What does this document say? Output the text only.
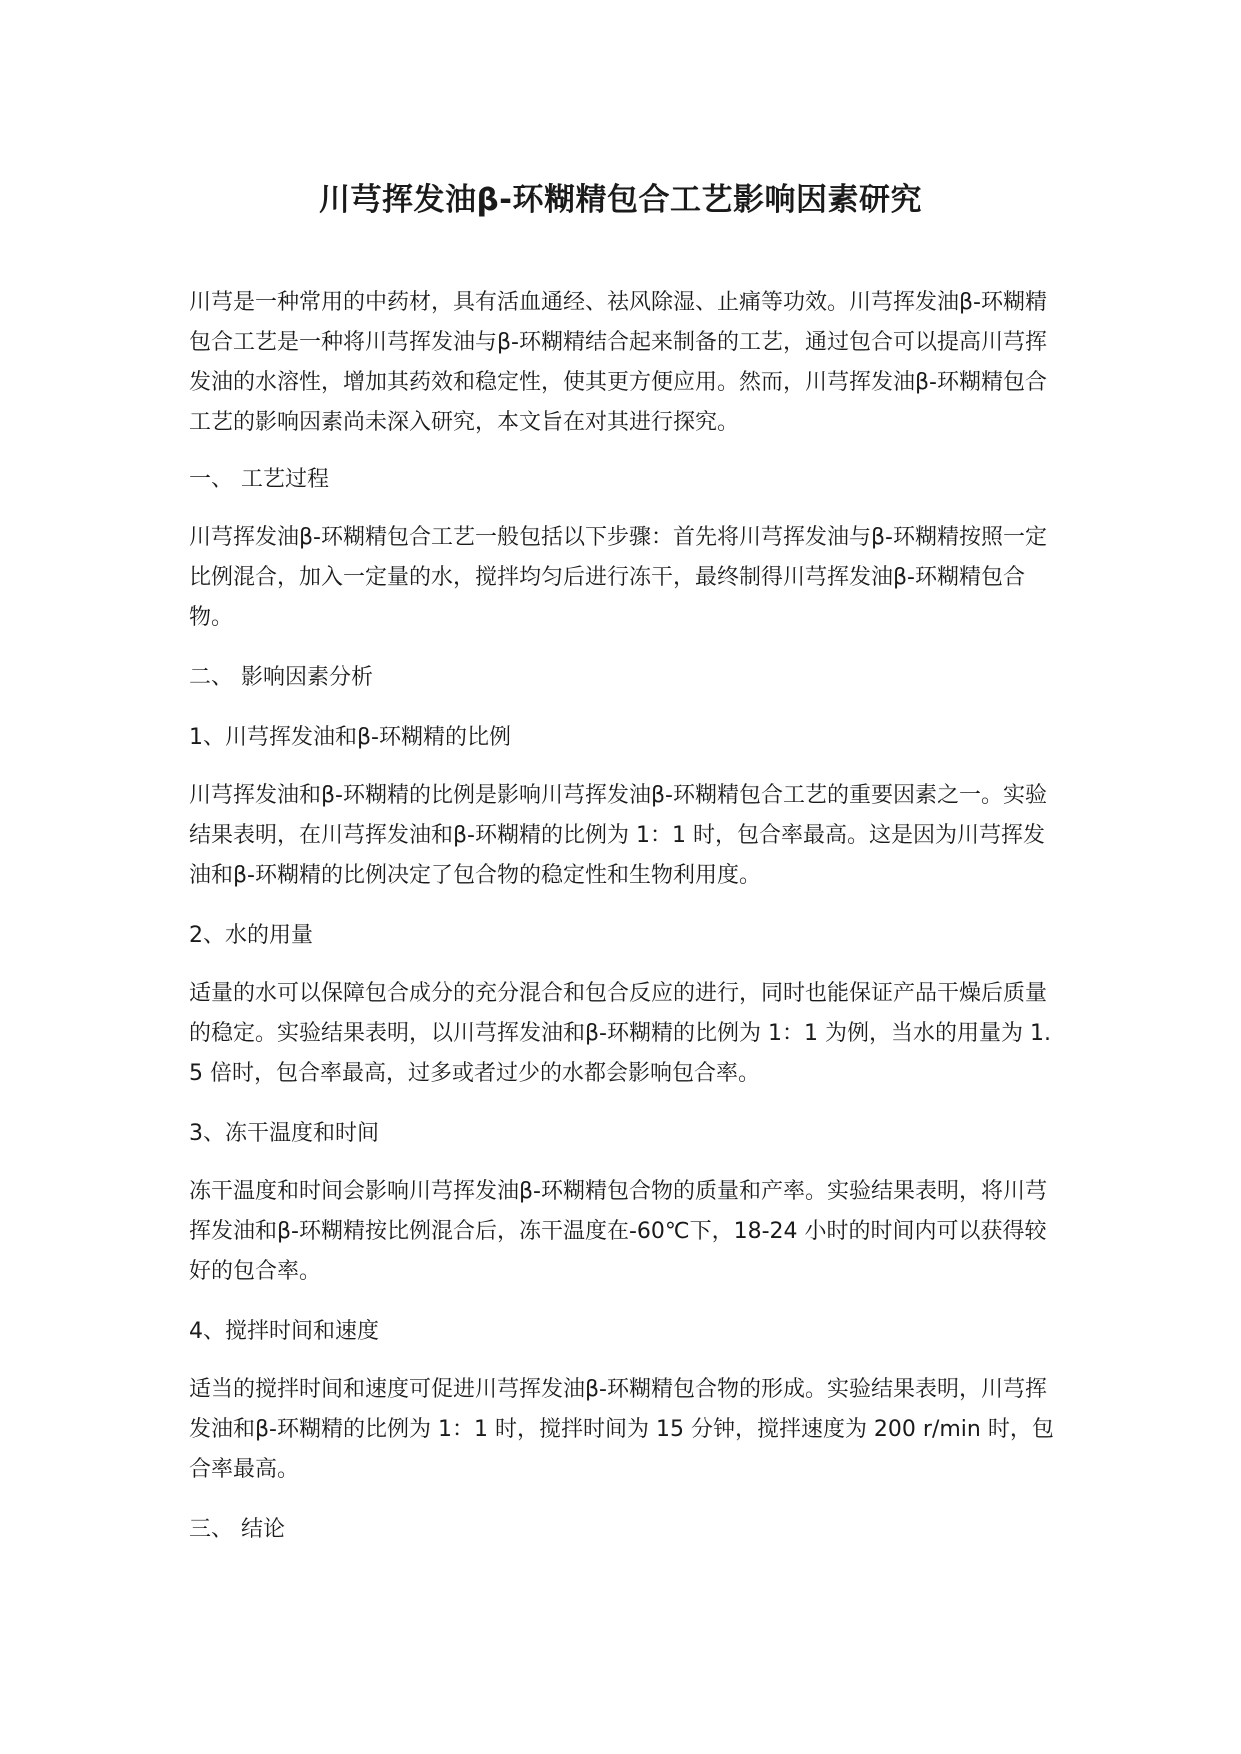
川芎挥发油β-环糊精包合工艺影响因素研究

川芎是一种常用的中药材，具有活血通经、祛风除湿、止痛等功效。川芎挥发油β-环糊精包合工艺是一种将川芎挥发油与β-环糊精结合起来制备的工艺，通过包合可以提高川芎挥发油的水溶性，增加其药效和稳定性，使其更方便应用。然而，川芎挥发油β-环糊精包合工艺的影响因素尚未深入研究，本文旨在对其进行探究。

一、 工艺过程

川芎挥发油β-环糊精包合工艺一般包括以下步骤：首先将川芎挥发油与β-环糊精按照一定比例混合，加入一定量的水，搅拌均匀后进行冻干，最终制得川芎挥发油β-环糊精包合物。

二、 影响因素分析
1、川芎挥发油和β-环糊精的比例

川芎挥发油和β-环糊精的比例是影响川芎挥发油β-环糊精包合工艺的重要因素之一。实验结果表明，在川芎挥发油和β-环糊精的比例为 1：1 时，包合率最高。这是因为川芎挥发油和β-环糊精的比例决定了包合物的稳定性和生物利用度。

2、水的用量

适量的水可以保障包合成分的充分混合和包合反应的进行，同时也能保证产品干燥后质量的稳定。实验结果表明，以川芎挥发油和β-环糊精的比例为 1：1 为例，当水的用量为 1.5 倍时，包合率最高，过多或者过少的水都会影响包合率。

3、冻干温度和时间

冻干温度和时间会影响川芎挥发油β-环糊精包合物的质量和产率。实验结果表明，将川芎挥发油和β-环糊精按比例混合后，冻干温度在-60℃下，18-24 小时的时间内可以获得较好的包合率。

4、搅拌时间和速度

适当的搅拌时间和速度可促进川芎挥发油β-环糊精包合物的形成。实验结果表明，川芎挥发油和β-环糊精的比例为 1：1 时，搅拌时间为 15 分钟，搅拌速度为 200 r/min 时，包合率最高。

三、 结论
